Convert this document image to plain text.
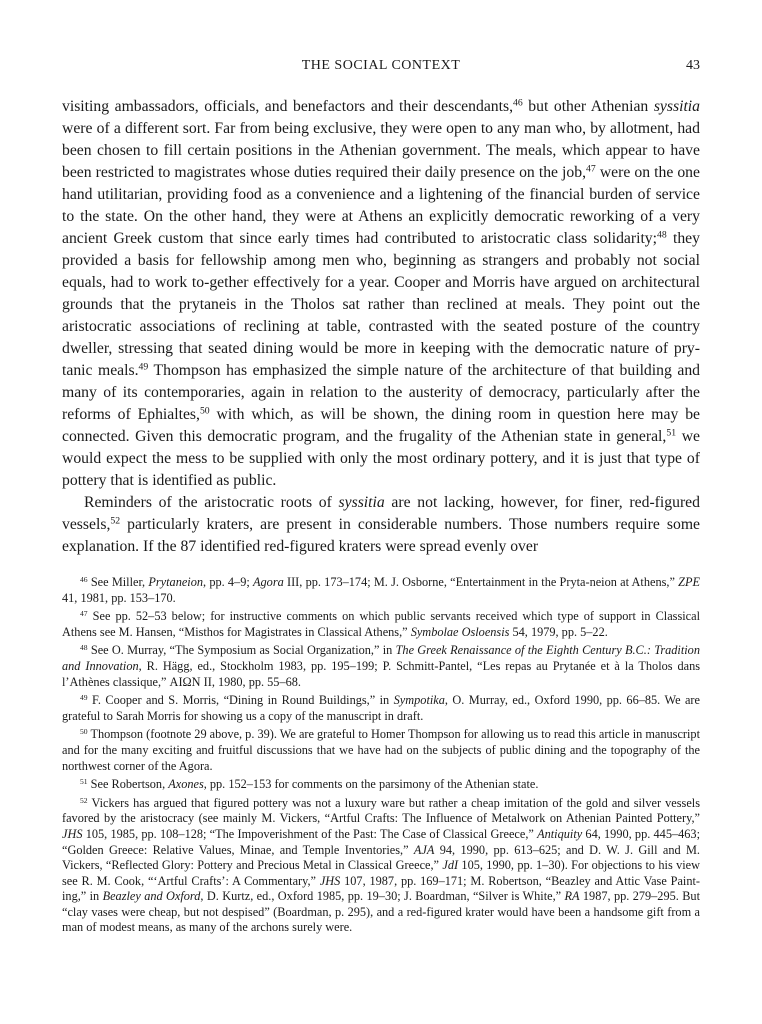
THE SOCIAL CONTEXT	43

visiting ambassadors, officials, and benefactors and their descendants,$^{46}$ but other Athenian syssitia were of a different sort. Far from being exclusive, they were open to any man who, by allotment, had been chosen to fill certain positions in the Athenian government. The meals, which appear to have been restricted to magistrates whose duties required their daily presence on the job,$^{47}$ were on the one hand utilitarian, providing food as a convenience and a lightening of the financial burden of service to the state. On the other hand, they were at Athens an explicitly democratic reworking of a very ancient Greek custom that since early times had contributed to aristocratic class solidarity;$^{48}$ they provided a basis for fellowship among men who, beginning as strangers and probably not social equals, had to work to-gether effectively for a year. Cooper and Morris have argued on architectural grounds that the prytaneis in the Tholos sat rather than reclined at meals. They point out the aristocratic associations of reclining at table, contrasted with the seated posture of the country dweller, stressing that seated dining would be more in keeping with the democratic nature of pry-tanic meals.$^{49}$ Thompson has emphasized the simple nature of the architecture of that building and many of its contemporaries, again in relation to the austerity of democracy, particularly after the reforms of Ephialtes,$^{50}$ with which, as will be shown, the dining room in question here may be connected. Given this democratic program, and the frugality of the Athenian state in general,$^{51}$ we would expect the mess to be supplied with only the most ordinary pottery, and it is just that type of pottery that is identified as public.

Reminders of the aristocratic roots of syssitia are not lacking, however, for finer, red-figured vessels,$^{52}$ particularly kraters, are present in considerable numbers. Those numbers require some explanation. If the 87 identified red-figured kraters were spread evenly over

$^{46}$ See Miller, Prytaneion, pp. 4–9; Agora III, pp. 173–174; M. J. Osborne, “Entertainment in the Pryta-neion at Athens,” ZPE 41, 1981, pp. 153–170.

$^{47}$ See pp. 52–53 below; for instructive comments on which public servants received which type of support in Classical Athens see M. Hansen, “Misthos for Magistrates in Classical Athens,” Symbolae Osloensis 54, 1979, pp. 5–22.

$^{48}$ See O. Murray, “The Symposium as Social Organization,” in The Greek Renaissance of the Eighth Century B.C.: Tradition and Innovation, R. Hägg, ed., Stockholm 1983, pp. 195–199; P. Schmitt-Pantel, “Les repas au Prytanée et à la Tholos dans l’Athènes classique,” ΑΙΩΝ II, 1980, pp. 55–68.

$^{49}$ F. Cooper and S. Morris, “Dining in Round Buildings,” in Sympotika, O. Murray, ed., Oxford 1990, pp. 66–85. We are grateful to Sarah Morris for showing us a copy of the manuscript in draft.

$^{50}$ Thompson (footnote 29 above, p. 39). We are grateful to Homer Thompson for allowing us to read this article in manuscript and for the many exciting and fruitful discussions that we have had on the subjects of public dining and the topography of the northwest corner of the Agora.

$^{51}$ See Robertson, Axones, pp. 152–153 for comments on the parsimony of the Athenian state.

$^{52}$ Vickers has argued that figured pottery was not a luxury ware but rather a cheap imitation of the gold and silver vessels favored by the aristocracy (see mainly M. Vickers, “Artful Crafts: The Influence of Metalwork on Athenian Painted Pottery,” JHS 105, 1985, pp. 108–128; “The Impoverishment of the Past: The Case of Classical Greece,” Antiquity 64, 1990, pp. 445–463; “Golden Greece: Relative Values, Minae, and Temple Inventories,” AJA 94, 1990, pp. 613–625; and D. W. J. Gill and M. Vickers, “Reflected Glory: Pottery and Precious Metal in Classical Greece,” JdI 105, 1990, pp. 1–30). For objections to his view see R. M. Cook, “‘Artful Crafts’: A Commentary,” JHS 107, 1987, pp. 169–171; M. Robertson, “Beazley and Attic Vase Paint-ing,” in Beazley and Oxford, D. Kurtz, ed., Oxford 1985, pp. 19–30; J. Boardman, “Silver is White,” RA 1987, pp. 279–295. But “clay vases were cheap, but not despised” (Boardman, p. 295), and a red-figured krater would have been a handsome gift from a man of modest means, as many of the archons surely were.
